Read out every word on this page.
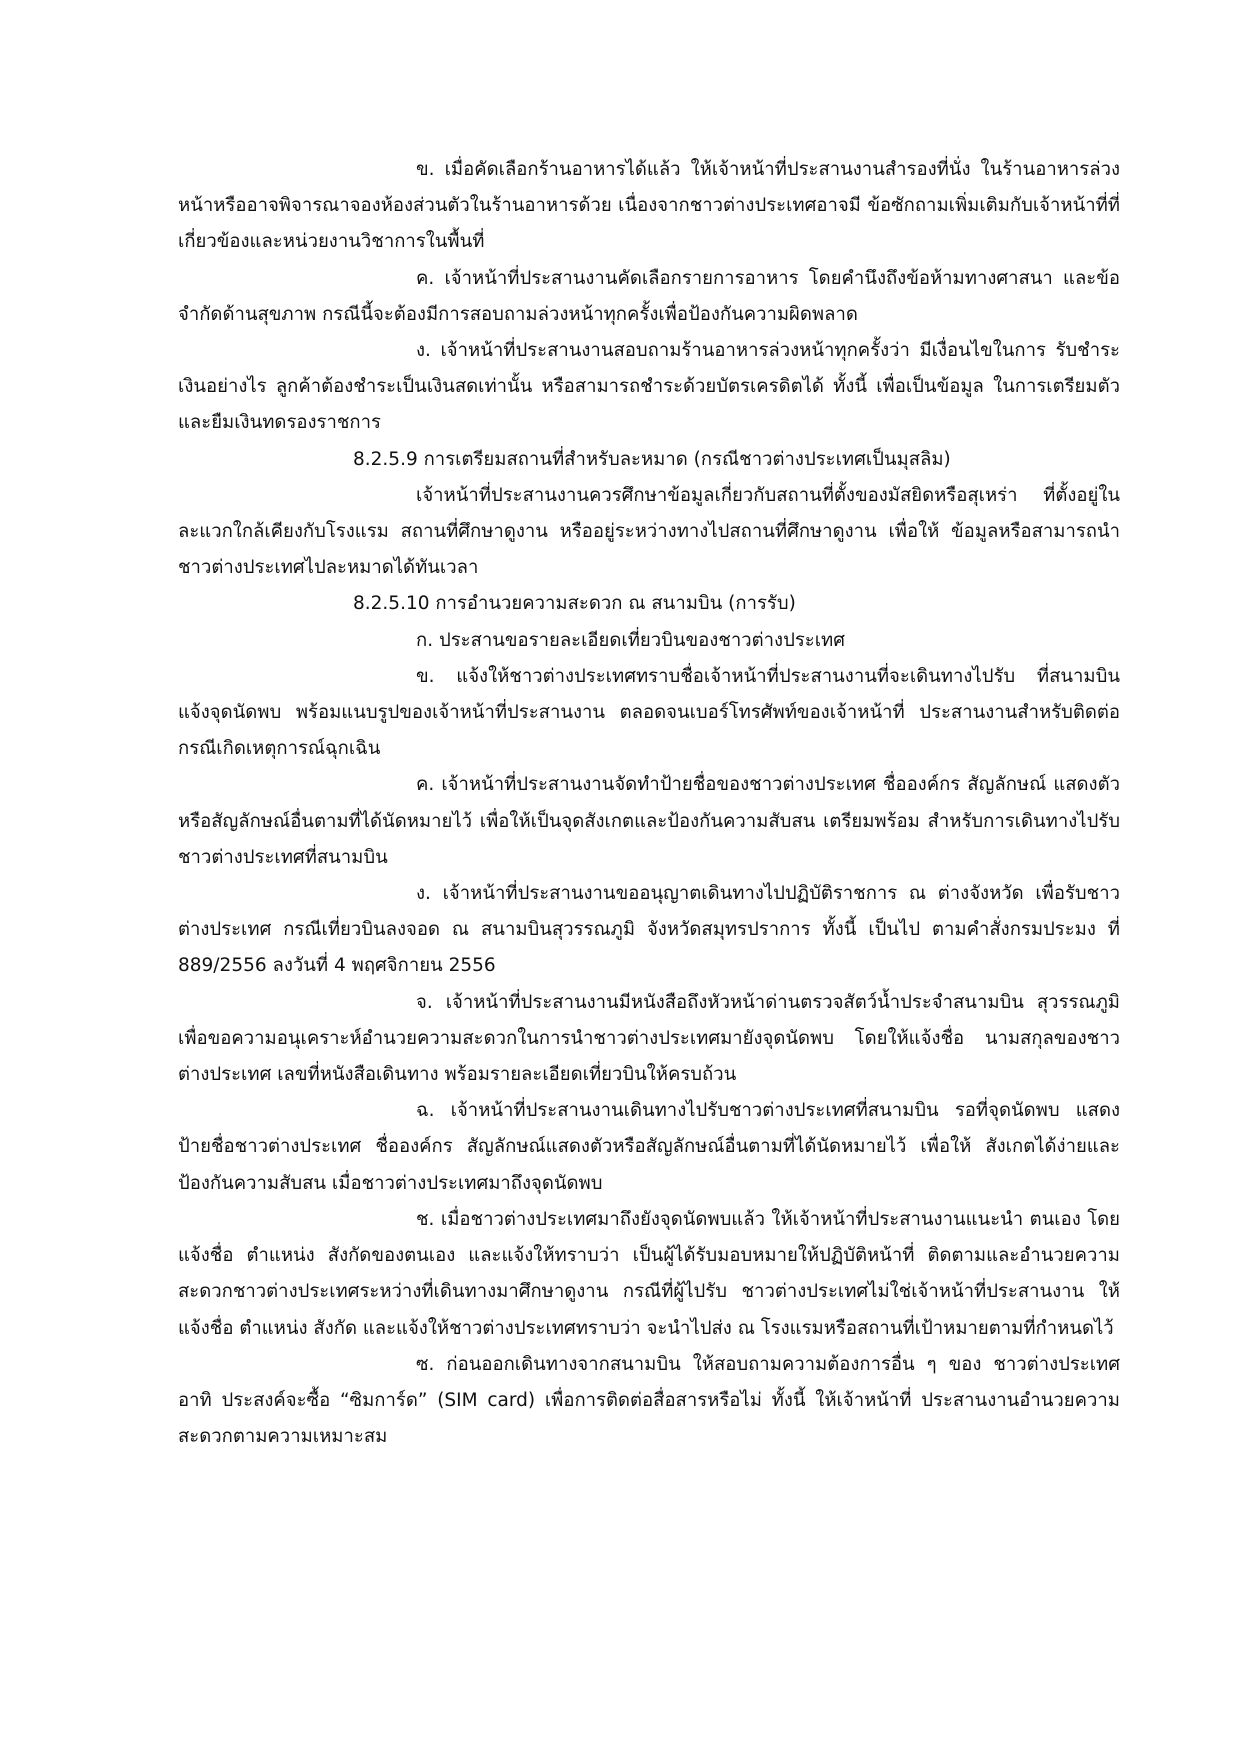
ข. เมื่อคัดเลือกร้านอาหารได้แล้ว ให้เจ้าหน้าที่ประสานงานสำรองที่นั่ง ในร้านอาหารล่วงหน้าหรืออาจพิจารณาจองห้องส่วนตัวในร้านอาหารด้วย เนื่องจากชาวต่างประเทศอาจมี ข้อซักถามเพิ่มเติมกับเจ้าหน้าที่ที่เกี่ยวข้องและหน่วยงานวิชาการในพื้นที่

ค. เจ้าหน้าที่ประสานงานคัดเลือกรายการอาหาร โดยคำนึงถึงข้อห้ามทางศาสนา และข้อจำกัดด้านสุขภาพ กรณีนี้จะต้องมีการสอบถามล่วงหน้าทุกครั้งเพื่อป้องกันความผิดพลาด

ง. เจ้าหน้าที่ประสานงานสอบถามร้านอาหารล่วงหน้าทุกครั้งว่า มีเงื่อนไขในการ รับชำระเงินอย่างไร ลูกค้าต้องชำระเป็นเงินสดเท่านั้น หรือสามารถชำระด้วยบัตรเครดิตได้ ทั้งนี้ เพื่อเป็นข้อมูล ในการเตรียมตัวและยืมเงินทดรองราชการ

8.2.5.9 การเตรียมสถานที่สำหรับละหมาด (กรณีชาวต่างประเทศเป็นมุสลิม)

เจ้าหน้าที่ประสานงานควรศึกษาข้อมูลเกี่ยวกับสถานที่ตั้งของมัสยิดหรือสุเหร่า ที่ตั้งอยู่ในละแวกใกล้เคียงกับโรงแรม สถานที่ศึกษาดูงาน หรืออยู่ระหว่างทางไปสถานที่ศึกษาดูงาน เพื่อให้ ข้อมูลหรือสามารถนำชาวต่างประเทศไปละหมาดได้ทันเวลา

8.2.5.10 การอำนวยความสะดวก ณ สนามบิน (การรับ)

ก. ประสานขอรายละเอียดเที่ยวบินของชาวต่างประเทศ

ข. แจ้งให้ชาวต่างประเทศทราบชื่อเจ้าหน้าที่ประสานงานที่จะเดินทางไปรับ ที่สนามบิน แจ้งจุดนัดพบ พร้อมแนบรูปของเจ้าหน้าที่ประสานงาน ตลอดจนเบอร์โทรศัพท์ของเจ้าหน้าที่ ประสานงานสำหรับติดต่อกรณีเกิดเหตุการณ์ฉุกเฉิน

ค. เจ้าหน้าที่ประสานงานจัดทำป้ายชื่อของชาวต่างประเทศ ชื่อองค์กร สัญลักษณ์ แสดงตัวหรือสัญลักษณ์อื่นตามที่ได้นัดหมายไว้ เพื่อให้เป็นจุดสังเกตและป้องกันความสับสน เตรียมพร้อม สำหรับการเดินทางไปรับชาวต่างประเทศที่สนามบิน

ง. เจ้าหน้าที่ประสานงานขออนุญาตเดินทางไปปฏิบัติราชการ ณ ต่างจังหวัด เพื่อรับชาวต่างประเทศ กรณีเที่ยวบินลงจอด ณ สนามบินสุวรรณภูมิ จังหวัดสมุทรปราการ ทั้งนี้ เป็นไป ตามคำสั่งกรมประมง ที่ 889/2556 ลงวันที่ 4 พฤศจิกายน 2556

จ. เจ้าหน้าที่ประสานงานมีหนังสือถึงหัวหน้าด่านตรวจสัตว์น้ำประจำสนามบิน สุวรรณภูมิ เพื่อขอความอนุเคราะห์อำนวยความสะดวกในการนำชาวต่างประเทศมายังจุดนัดพบ โดยให้แจ้งชื่อ นามสกุลของชาวต่างประเทศ เลขที่หนังสือเดินทาง พร้อมรายละเอียดเที่ยวบินให้ครบถ้วน

ฉ. เจ้าหน้าที่ประสานงานเดินทางไปรับชาวต่างประเทศที่สนามบิน รอที่จุดนัดพบ แสดงป้ายชื่อชาวต่างประเทศ ชื่อองค์กร สัญลักษณ์แสดงตัวหรือสัญลักษณ์อื่นตามที่ได้นัดหมายไว้ เพื่อให้ สังเกตได้ง่ายและป้องกันความสับสน เมื่อชาวต่างประเทศมาถึงจุดนัดพบ

ช. เมื่อชาวต่างประเทศมาถึงยังจุดนัดพบแล้ว ให้เจ้าหน้าที่ประสานงานแนะนำ ตนเอง โดยแจ้งชื่อ ตำแหน่ง สังกัดของตนเอง และแจ้งให้ทราบว่า เป็นผู้ได้รับมอบหมายให้ปฏิบัติหน้าที่ ติดตามและอำนวยความสะดวกชาวต่างประเทศระหว่างที่เดินทางมาศึกษาดูงาน กรณีที่ผู้ไปรับ ชาวต่างประเทศไม่ใช่เจ้าหน้าที่ประสานงาน ให้แจ้งชื่อ ตำแหน่ง สังกัด และแจ้งให้ชาวต่างประเทศทราบว่า จะนำไปส่ง ณ โรงแรมหรือสถานที่เป้าหมายตามที่กำหนดไว้

ซ. ก่อนออกเดินทางจากสนามบิน ให้สอบถามความต้องการอื่น ๆ ของ ชาวต่างประเทศ อาทิ ประสงค์จะซื้อ “ซิมการ์ด” (SIM card) เพื่อการติดต่อสื่อสารหรือไม่ ทั้งนี้ ให้เจ้าหน้าที่ ประสานงานอำนวยความสะดวกตามความเหมาะสม
